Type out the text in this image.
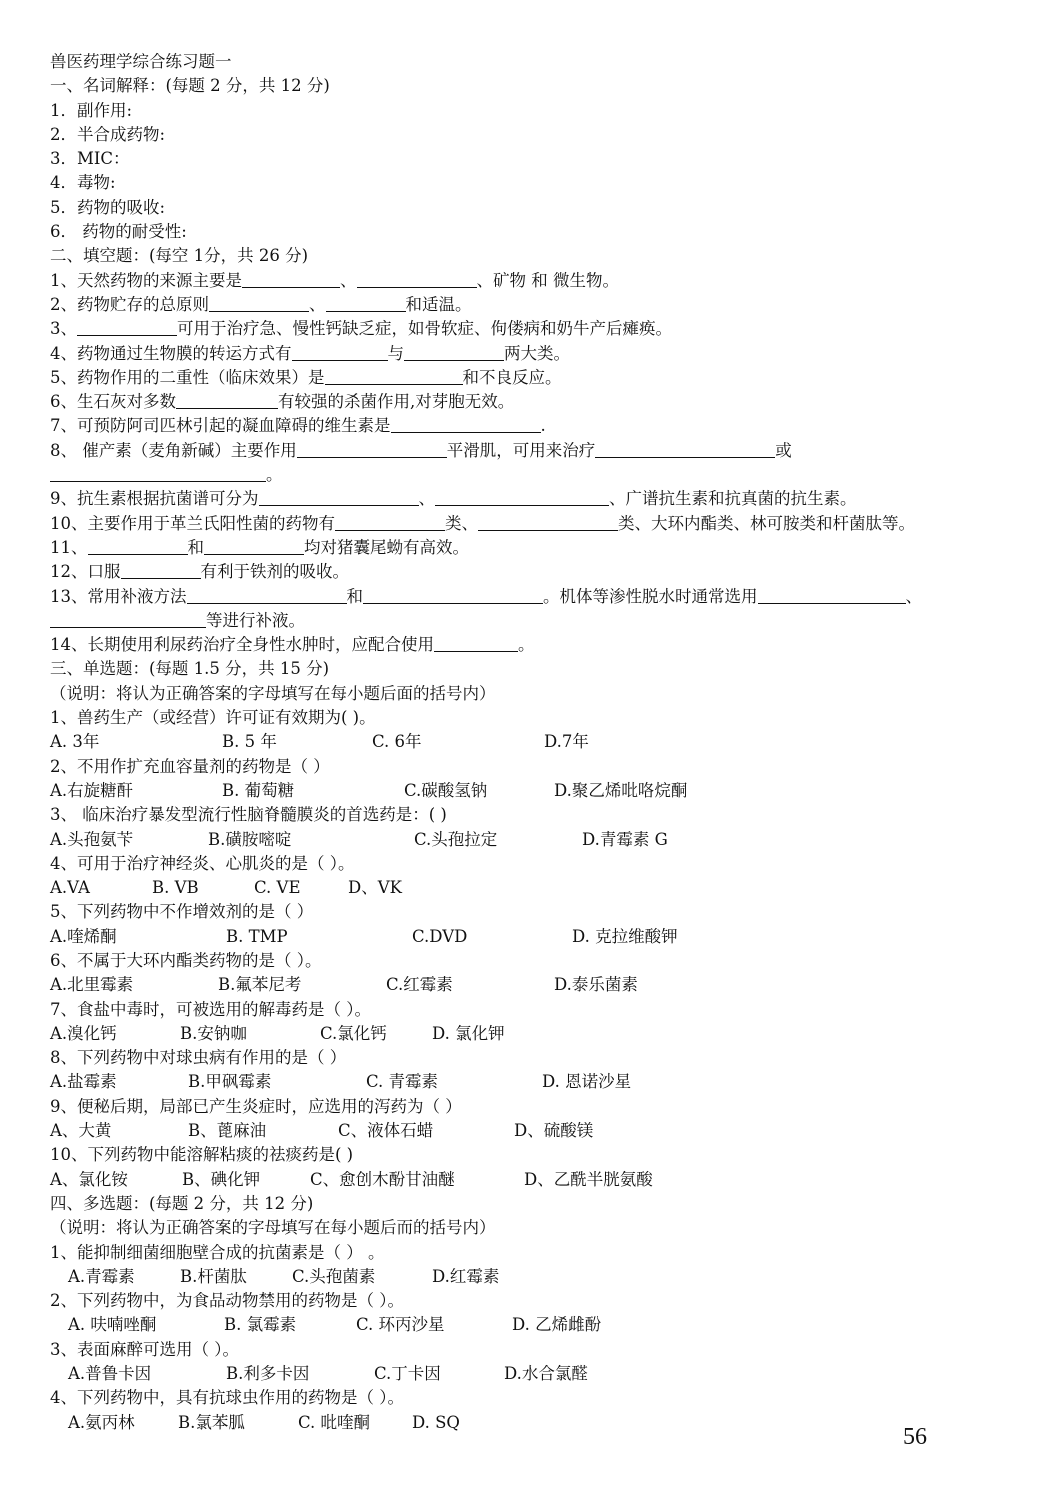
兽医药理学综合练习题一
一、名词解释：(每题 2 分，共 12 分)
1．副作用:
2．半合成药物:
3．MIC：
4．毒物:
5．药物的吸收:
6． 药物的耐受性:
二、填空题：(每空 1分，共 26 分)
1、天然药物的来源主要是	、	、矿物 和 微生物。
2、药物贮存的总原则	、	和适温。
3、	可用于治疗急、慢性钙缺乏症，如骨软症、佝偻病和奶牛产后瘫痪。
4、药物通过生物膜的转运方式有	与	两大类。
5、药物作用的二重性（临床效果）是	和不良反应。
6、生石灰对多数	有较强的杀菌作用,对芽胞无效。
7、可预防阿司匹林引起的凝血障碍的维生素是	.
8、 催产素（麦角新碱）主要作用	平滑肌，可用来治疗	或
。
9、抗生素根据抗菌谱可分为	、	、广谱抗生素和抗真菌的抗生素。
10、主要作用于革兰氏阳性菌的药物有	类、	类、大环内酯类、林可胺类和杆菌肽等。
11、	和	均对猪囊尾蚴有高效。
12、口服	有利于铁剂的吸收。
13、常用补液方法	和	。机体等渗性脱水时通常选用	、
等进行补液。
14、长期使用利尿药治疗全身性水肿时，应配合使用	。
三、单选题：(每题 1.5 分，共 15 分)
（说明：将认为正确答案的字母填写在每小题后面的括号内）
1、兽药生产（或经营）许可证有效期为( )。
A. 3年	B. 5 年	C. 6年	D.7年
2、不用作扩充血容量剂的药物是（ ）
A.右旋糖酐	B. 葡萄糖	C.碳酸氢钠	D.聚乙烯吡咯烷酮
3、 临床治疗暴发型流行性脑脊髓膜炎的首选药是：( )
A.头孢氨苄	B.磺胺嘧啶	C.头孢拉定	D.青霉素 G
4、可用于治疗神经炎、心肌炎的是（ ）。
A.VA	B. VB	C. VE	D、VK
5、下列药物中不作增效剂的是（ ）
A.喹烯酮	B. TMP	C.DVD	D. 克拉维酸钾
6、不属于大环内酯类药物的是（ ）。
A.北里霉素	B.氟苯尼考	C.红霉素	D.泰乐菌素
7、食盐中毒时，可被选用的解毒药是（ ）。
A.溴化钙	B.安钠咖	C.氯化钙	D. 氯化钾
8、下列药物中对球虫病有作用的是（ ）
A.盐霉素	B.甲砜霉素	C. 青霉素	D. 恩诺沙星
9、便秘后期，局部已产生炎症时，应选用的泻药为（ ）
A、大黄	B、蓖麻油	C、液体石蜡	D、硫酸镁
10、下列药物中能溶解粘痰的祛痰药是( )
A、氯化铵	B、碘化钾	C、愈创木酚甘油醚	D、乙酰半胱氨酸
四、多选题：(每题 2 分，共 12 分)
（说明：将认为正确答案的字母填写在每小题后而的括号内）
1、能抑制细菌细胞壁合成的抗菌素是（ ） 。
A.青霉素	B.杆菌肽	C.头孢菌素	D.红霉素
2、下列药物中，为食品动物禁用的药物是（ ）。
A. 呋喃唑酮	B. 氯霉素	C. 环丙沙星	D. 乙烯雌酚
3、表面麻醉可选用（ ）。
A.普鲁卡因	B.利多卡因	C.丁卡因	D.水合氯醛
4、下列药物中，具有抗球虫作用的药物是（ ）。
A.氨丙林	B.氯苯胍	C. 吡喹酮	D. SQ
56
